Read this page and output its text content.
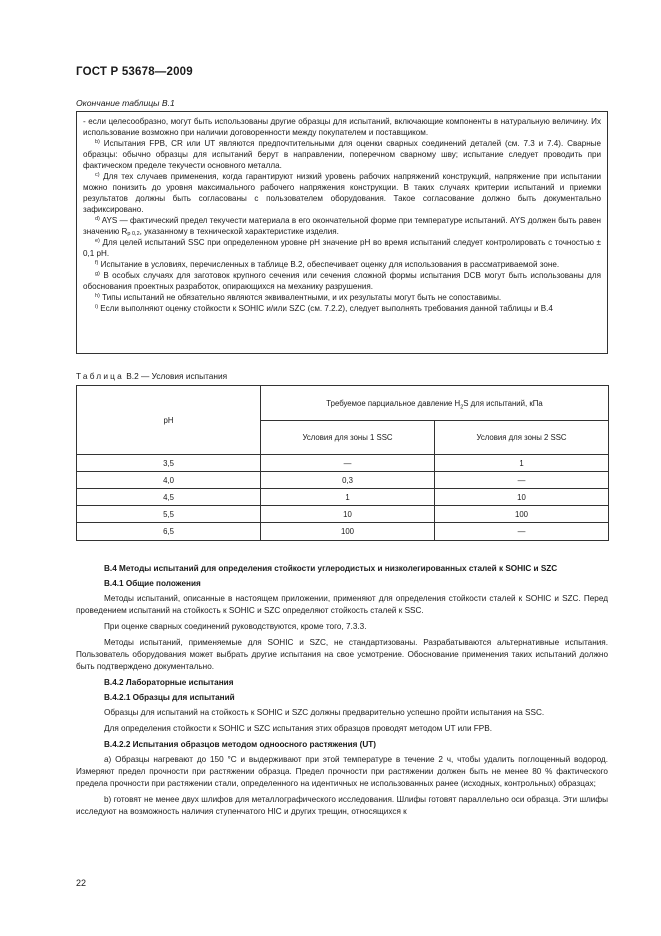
ГОСТ Р 53678—2009
Окончание таблицы В.1

- если целесообразно, могут быть использованы другие образцы для испытаний, включающие компоненты в натуральную величину. Их использование возможно при наличии договоренности между покупателем и поставщиком.

$^{b)}$ Испытания FPB, CR или UT являются предпочтительными для оценки сварных соединений деталей (см. 7.3 и 7.4). Сварные образцы: обычно образцы для испытаний берут в направлении, поперечном сварному шву; испытание следует проводить при фактическом пределе текучести основного металла.

$^{c)}$ Для тех случаев применения, когда гарантируют низкий уровень рабочих напряжений конструкций, напряжение при испытании можно понизить до уровня максимального рабочего напряжения конструкции. В таких случаях критерии испытаний и приемки результатов должны быть согласованы с пользователем оборудования. Такое согласование должно быть документально зафиксировано.

$^{d)}$ AYS — фактический предел текучести материала в его окончательной форме при температуре испытаний. AYS должен быть равен значению $R_{p 0,2}$, указанному в технической характеристике изделия.

$^{e)}$ Для целей испытаний SSC при определенном уровне pH значение pH во время испытаний следует контролировать с точностью ± 0,1 pH.

$^{f)}$ Испытание в условиях, перечисленных в таблице В.2, обеспечивает оценку для использования в рассматриваемой зоне.

$^{g)}$ В особых случаях для заготовок крупного сечения или сечения сложной формы испытания DCB могут быть использованы для обоснования проектных разработок, опирающихся на механику разрушения.

$^{h)}$ Типы испытаний не обязательно являются эквивалентными, и их результаты могут быть не сопоставимы.

$^{i)}$ Если выполняют оценку стойкости к SOHIC и/или SZC (см. 7.2.2), следует выполнять требования данной таблицы и В.4

Таблица В.2 — Условия испытания
pH	Требуемое парциальное давление $H_2S$ для испытаний, кПа	
	Условия для зоны 1 SSC	Условия для зоны 2 SSC
3,5	—	1
4,0	0,3	—
4,5	1	10
5,5	10	100
6,5	100	—

В.4 Методы испытаний для определения стойкости углеродистых и низколегированных сталей к SOHIC и SZC

В.4.1 Общие положения

Методы испытаний, описанные в настоящем приложении, применяют для определения стойкости сталей к SOHIC и SZC. Перед проведением испытаний на стойкость к SOHIC и SZC определяют стойкость сталей к SSC.

При оценке сварных соединений руководствуются, кроме того, 7.3.3.

Методы испытаний, применяемые для SOHIC и SZC, не стандартизованы. Разрабатываются альтернативные испытания. Пользователь оборудования может выбрать другие испытания на свое усмотрение. Обоснование применения таких испытаний должно быть подтверждено документально.

В.4.2 Лабораторные испытания

В.4.2.1 Образцы для испытаний

Образцы для испытаний на стойкость к SOHIC и SZC должны предварительно успешно пройти испытания на SSC.

Для определения стойкости к SOHIC и SZC испытания этих образцов проводят методом UT или FPB.

В.4.2.2 Испытания образцов методом одноосного растяжения (UT)

а) Образцы нагревают до 150 °C и выдерживают при этой температуре в течение 2 ч, чтобы удалить поглощенный водород. Измеряют предел прочности при растяжении образца. Предел прочности при растяжении должен быть не менее 80 % фактического предела прочности при растяжении стали, определенного на идентичных не использованных ранее (исходных, контрольных) образцах;

b) готовят не менее двух шлифов для металлографического исследования. Шлифы готовят параллельно оси образца. Эти шлифы исследуют на возможность наличия ступенчатого HIC и других трещин, относящихся к

22
